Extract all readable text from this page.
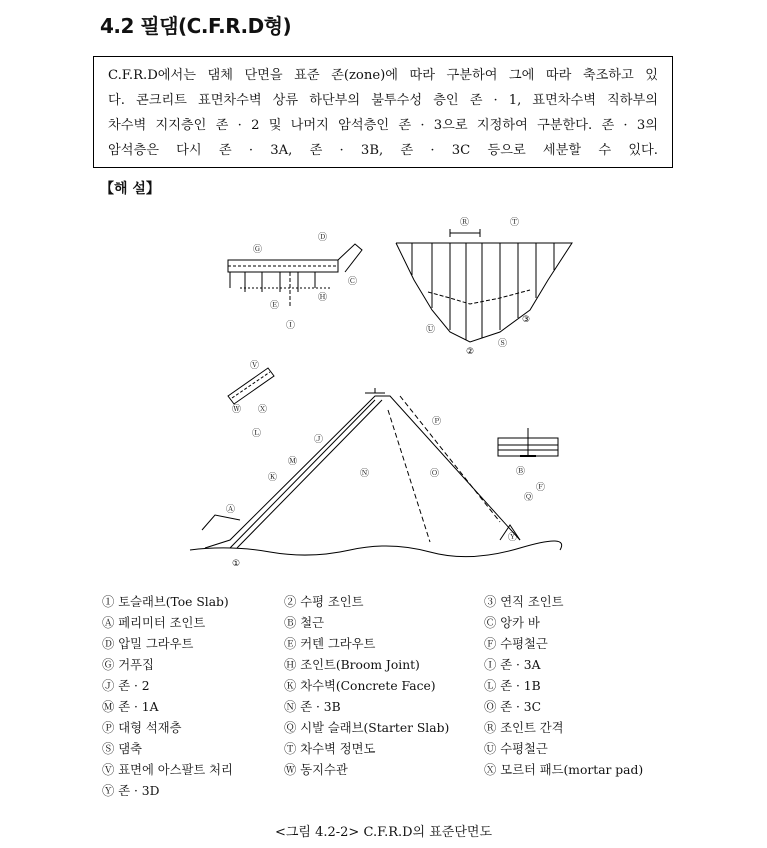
4.2 필댐(C.F.R.D형)
C.F.R.D에서는 댐체 단면을 표준 존(zone)에 따라 구분하여 그에 따라 축조하고 있
다. 콘크리트 표면차수벽 상류 하단부의 불투수성 층인 존 · 1, 표면차수벽 직하부의
차수벽 지지층인 존 · 2 및 나머지 암석층인 존 · 3으로 지정하여 구분한다. 존 · 3의
암석층은 다시 존 · 3A, 존 · 3B, 존 · 3C 등으로 세분할 수 있다.
【해 설】
Ⓖ
Ⓒ
Ⓓ
Ⓘ
Ⓔ
Ⓗ
Ⓡ	Ⓣ
Ⓤ
③
Ⓢ
②
Ⓥ
Ⓦ Ⓧ
Ⓛ
Ⓙ
Ⓜ
Ⓚ
Ⓟ
Ⓝ	Ⓞ
Ⓐ
①
Ⓨ
Ⓑ
Ⓕ
Ⓠ
① 토슬래브(Toe Slab)	② 수평 조인트	③ 연직 조인트
Ⓐ 페리미터 조인트	Ⓑ 철근	Ⓒ 앙카 바
Ⓓ 압밀 그라우트	Ⓔ 커텐 그라우트	Ⓕ 수평철근
Ⓖ 거푸집	Ⓗ 조인트(Broom Joint)	Ⓘ 존 · 3A
Ⓙ 존 · 2	Ⓚ 차수벽(Concrete Face)	Ⓛ 존 · 1B
Ⓜ 존 · 1A	Ⓝ 존 · 3B	Ⓞ 존 · 3C
Ⓟ 대형 석재층	Ⓠ 시발 슬래브(Starter Slab)	Ⓡ 조인트 간격
Ⓢ 댐축	Ⓣ 차수벽 정면도	Ⓤ 수평철근
Ⓥ 표면에 아스팔트 처리	Ⓦ 동지수관	Ⓧ 모르터 패드(mortar pad)
Ⓨ 존 · 3D
<그림 4.2-2> C.F.R.D의 표준단면도
